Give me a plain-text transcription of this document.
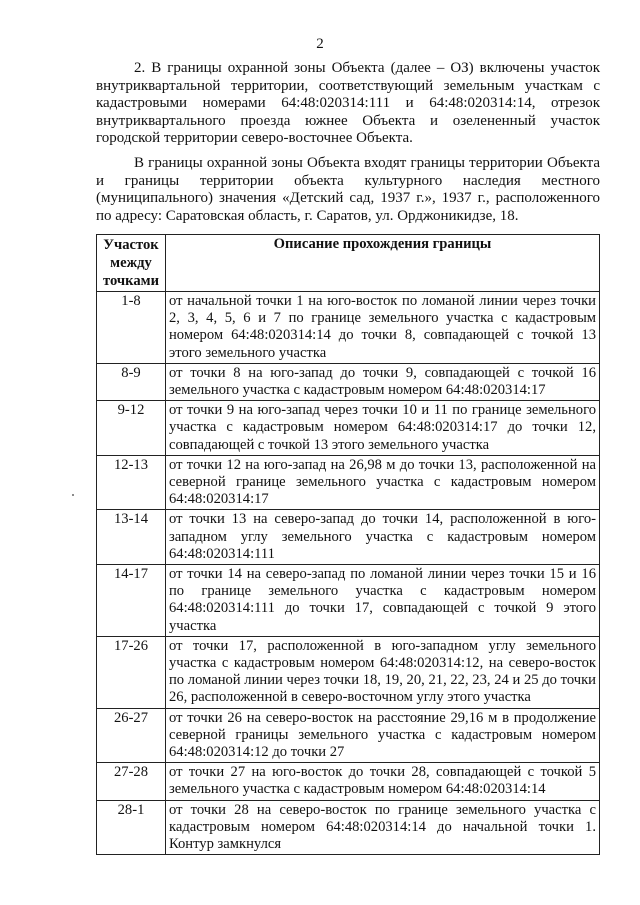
2

2. В границы охранной зоны Объекта (далее – ОЗ) включены участок внутриквартальной территории, соответствующий земельным участкам с кадастровыми номерами 64:48:020314:111 и 64:48:020314:14, отрезок внутриквартального проезда южнее Объекта и озелененный участок городской территории северо-восточнее Объекта.

В границы охранной зоны Объекта входят границы территории Объекта и границы территории объекта культурного наследия местного (муниципального) значения «Детский сад, 1937 г.», 1937 г., расположенного по адресу: Саратовская область, г. Саратов, ул. Орджоникидзе, 18.

Участок между точками	Описание прохождения границы
1-8	от начальной точки 1 на юго-восток по ломаной линии через точки 2, 3, 4, 5, 6 и 7 по границе земельного участка с кадастровым номером 64:48:020314:14 до точки 8, совпадающей с точкой 13 этого земельного участка
8-9	от точки 8 на юго-запад до точки 9, совпадающей с точкой 16 земельного участка с кадастровым номером 64:48:020314:17
9-12	от точки 9 на юго-запад через точки 10 и 11 по границе земельного участка с кадастровым номером 64:48:020314:17 до точки 12, совпадающей с точкой 13 этого земельного участка
12-13	от точки 12 на юго-запад на 26,98 м до точки 13, расположенной на северной границе земельного участка с кадастровым номером 64:48:020314:17
13-14	от точки 13 на северо-запад до точки 14, расположенной в юго-западном углу земельного участка с кадастровым номером 64:48:020314:111
14-17	от точки 14 на северо-запад по ломаной линии через точки 15 и 16 по границе земельного участка с кадастровым номером 64:48:020314:111 до точки 17, совпадающей с точкой 9 этого участка
17-26	от точки 17, расположенной в юго-западном углу земельного участка с кадастровым номером 64:48:020314:12, на северо-восток по ломаной линии через точки 18, 19, 20, 21, 22, 23, 24 и 25 до точки 26, расположенной в северо-восточном углу этого участка
26-27	от точки 26 на северо-восток на расстояние 29,16 м в продолжение северной границы земельного участка с кадастровым номером 64:48:020314:12 до точки 27
27-28	от точки 27 на юго-восток до точки 28, совпадающей с точкой 5 земельного участка с кадастровым номером 64:48:020314:14
28-1	от точки 28 на северо-восток по границе земельного участка с кадастровым номером 64:48:020314:14 до начальной точки 1. Контур замкнулся
